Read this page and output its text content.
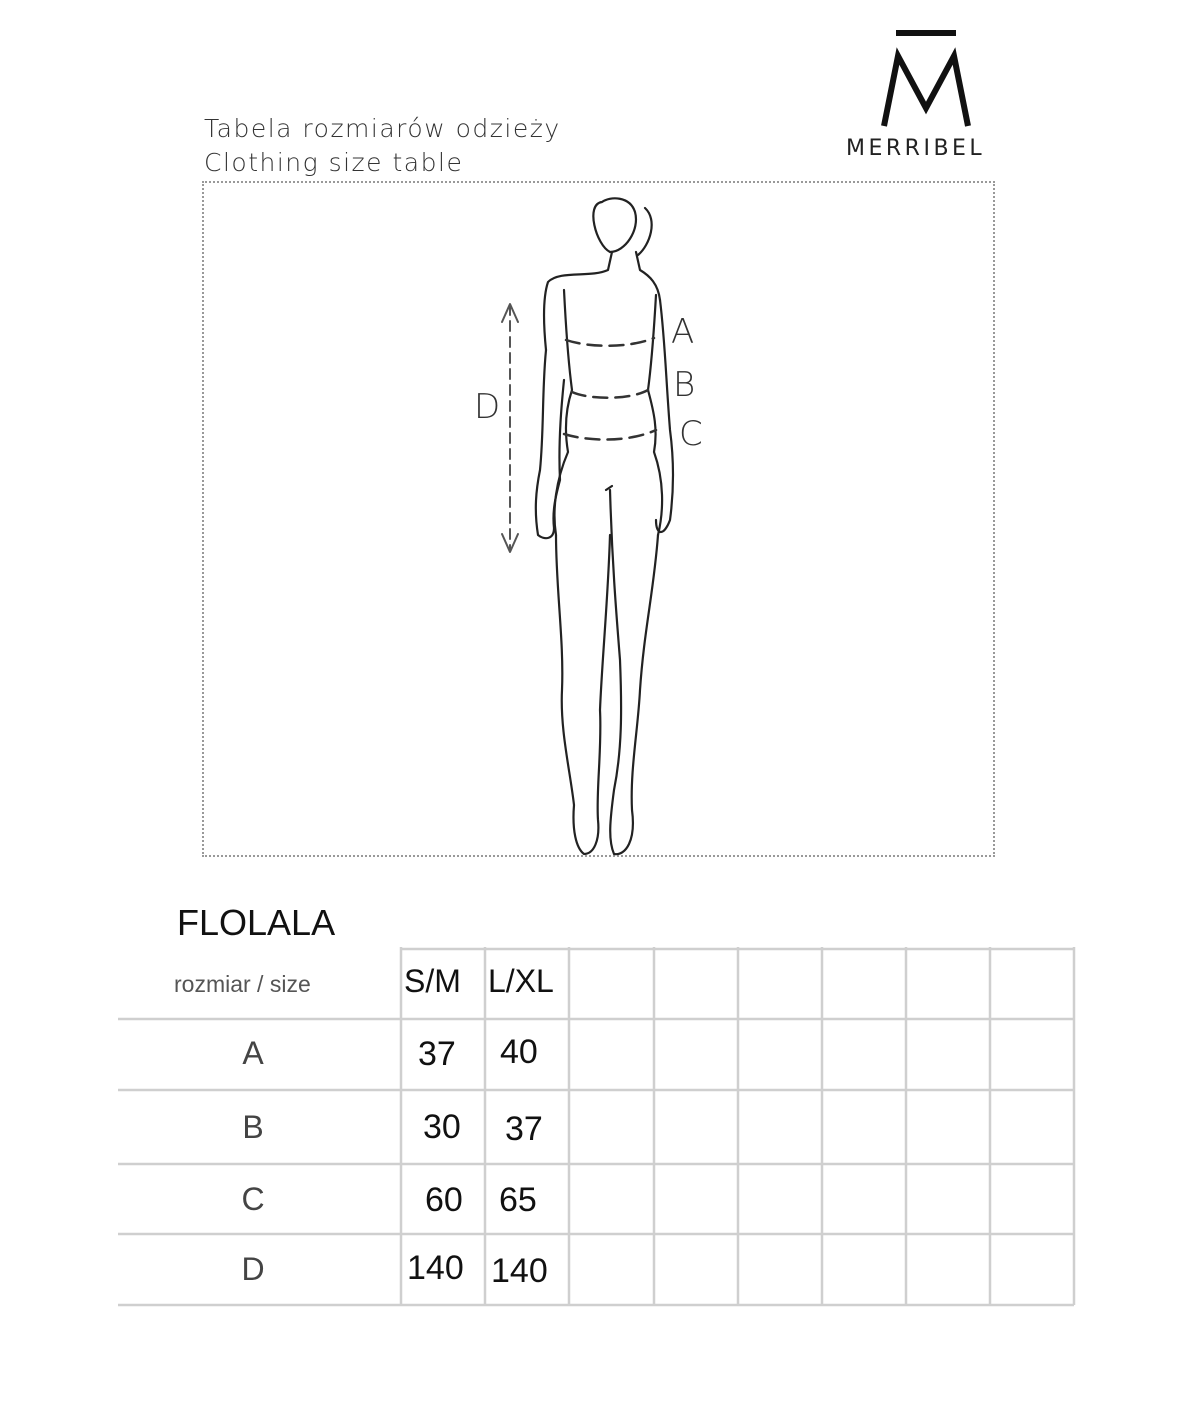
Tabela rozmiarów odzieży
Clothing size table	MERRIBEL
A
B
C
D
FLOLALA
rozmiar / size	S/M L/XL
A	37 40
B	30 37
C	60 65
D	140 140
